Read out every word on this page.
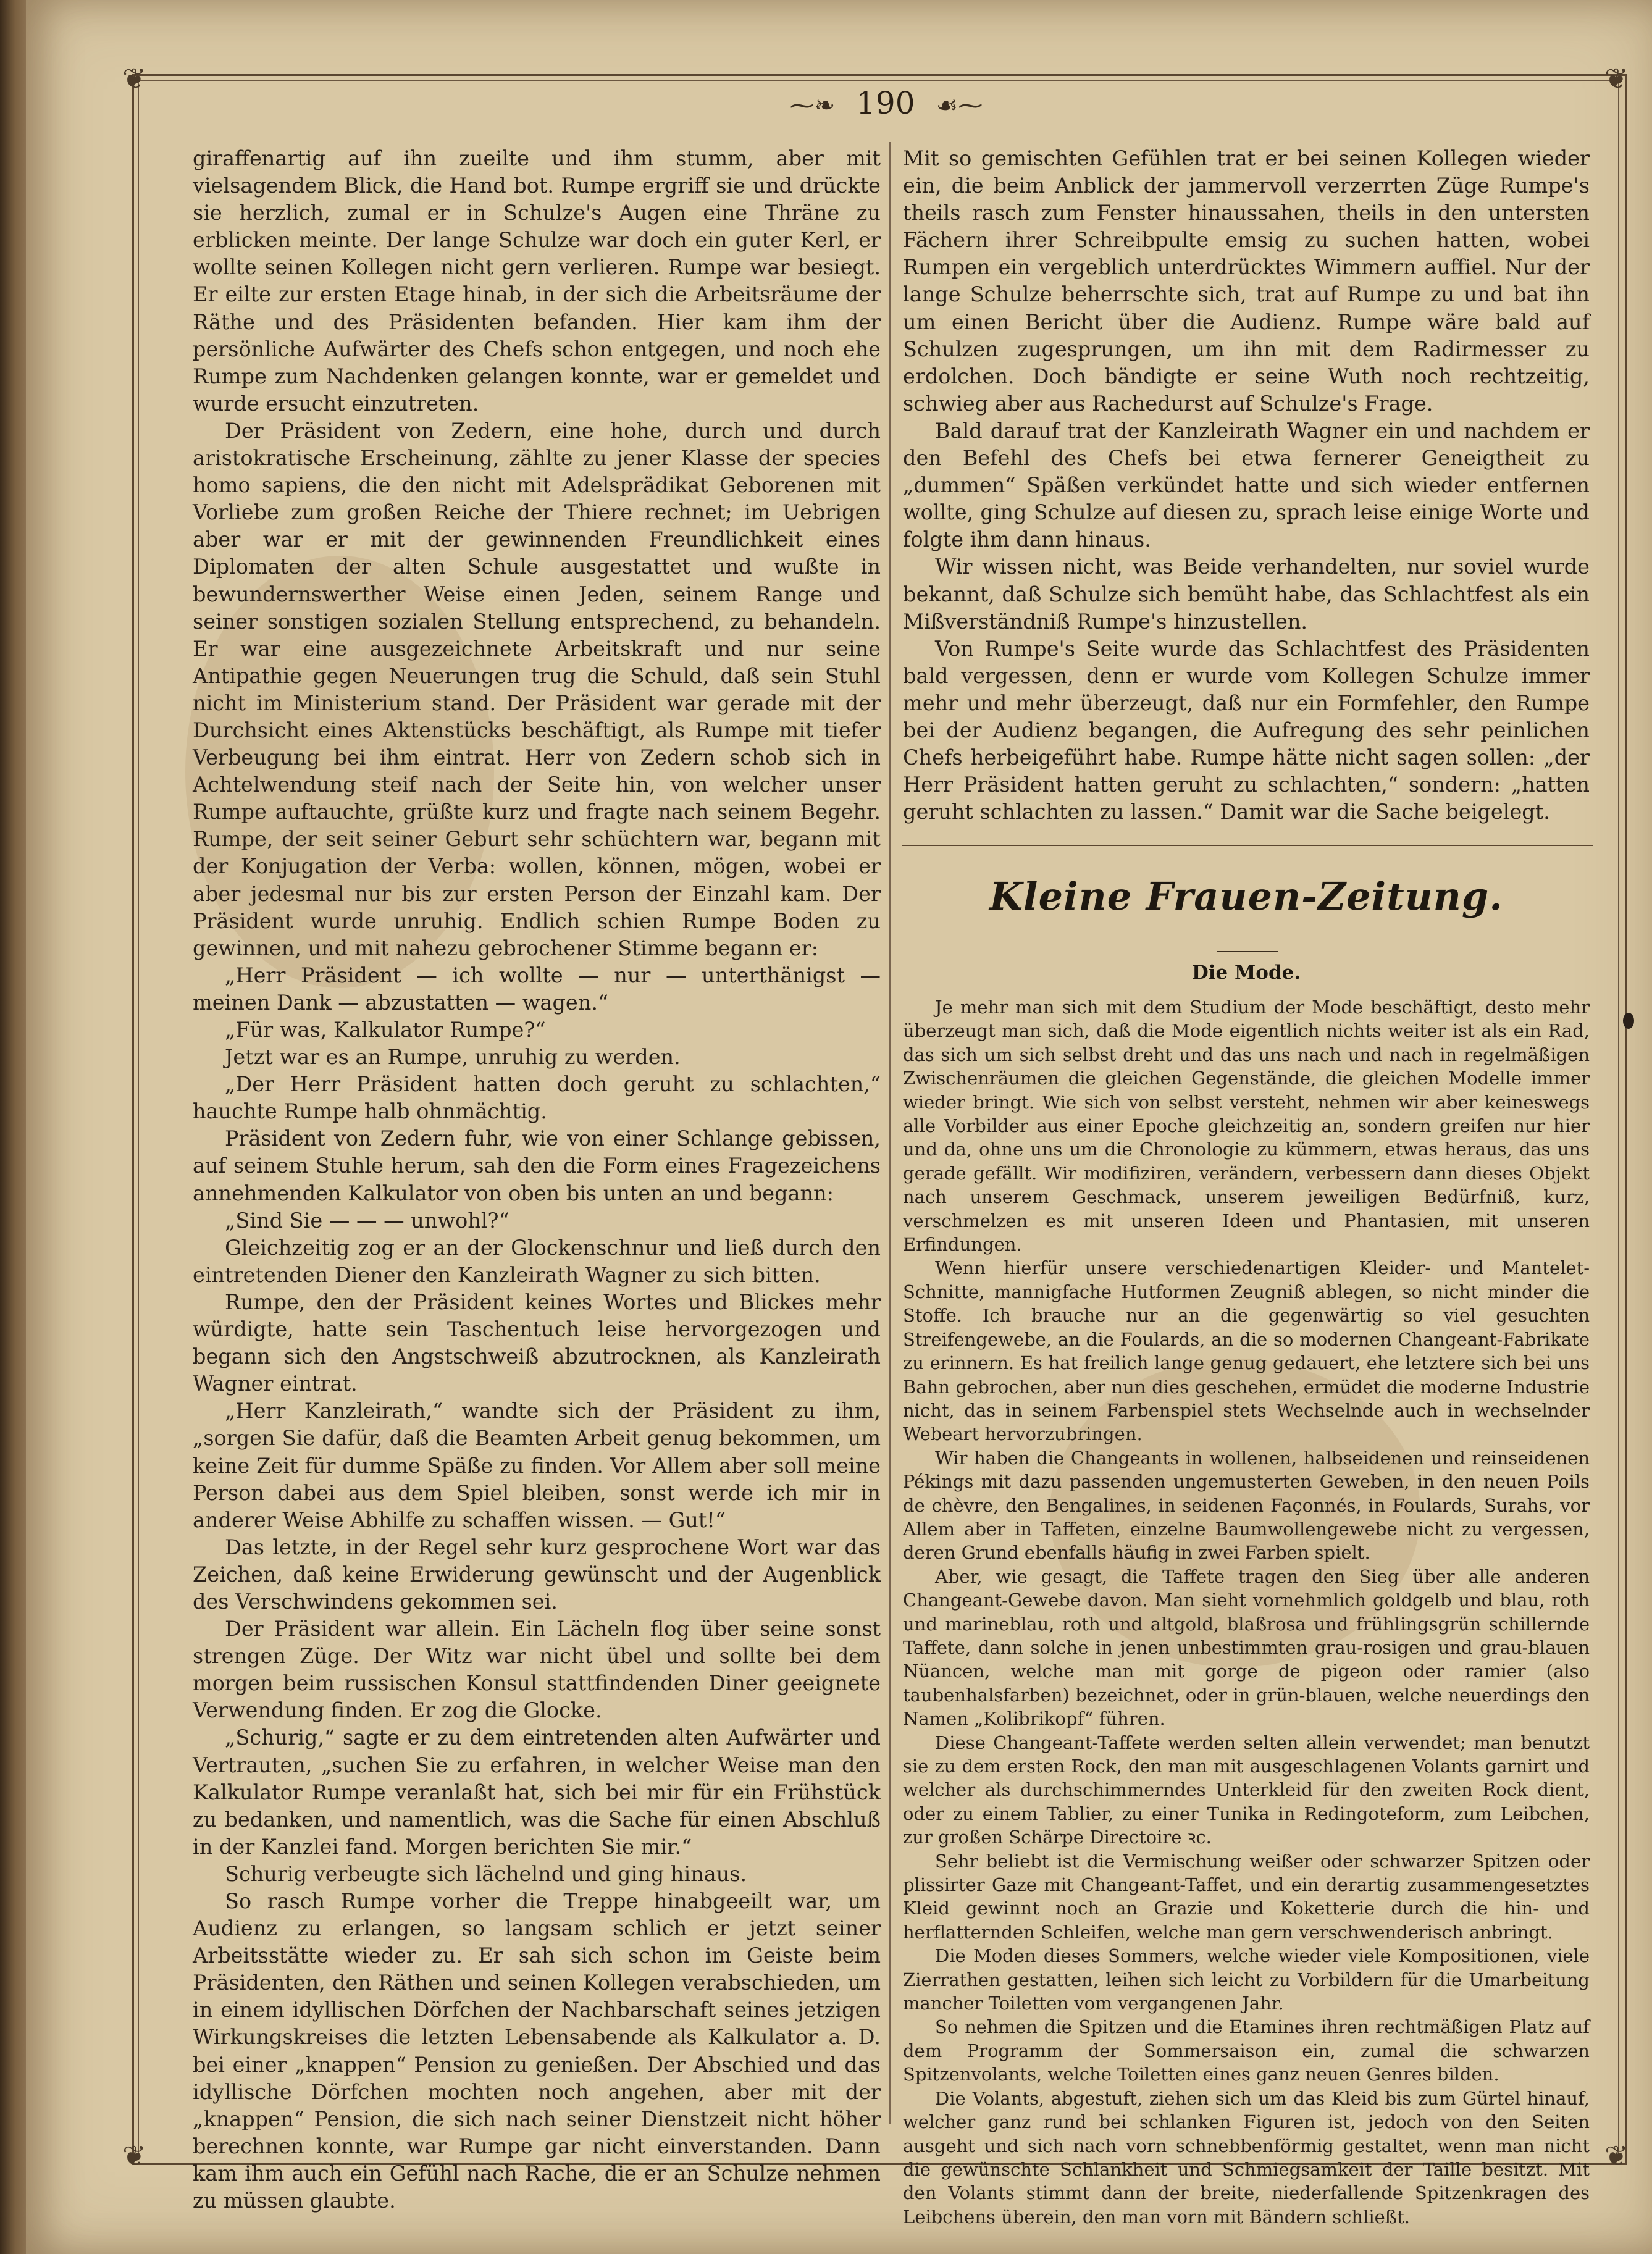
❦	❦
❦	❦
⁓❧ 190 ☙⁓

giraffenartig auf ihn zueilte und ihm stumm, aber mit vielsagendem Blick, die Hand bot. Rumpe ergriff sie und drückte sie herzlich, zumal er in Schulze's Augen eine Thräne zu erblicken meinte. Der lange Schulze war doch ein guter Kerl, er wollte seinen Kollegen nicht gern verlieren. Rumpe war besiegt. Er eilte zur ersten Etage hinab, in der sich die Arbeitsräume der Räthe und des Präsidenten befanden. Hier kam ihm der persönliche Aufwärter des Chefs schon entgegen, und noch ehe Rumpe zum Nachdenken gelangen konnte, war er gemeldet und wurde ersucht einzutreten.

Der Präsident von Zedern, eine hohe, durch und durch aristokratische Erscheinung, zählte zu jener Klasse der species homo sapiens, die den nicht mit Adelsprädikat Geborenen mit Vorliebe zum großen Reiche der Thiere rechnet; im Uebrigen aber war er mit der gewinnenden Freundlichkeit eines Diplomaten der alten Schule ausgestattet und wußte in bewundernswerther Weise einen Jeden, seinem Range und seiner sonstigen sozialen Stellung entsprechend, zu behandeln. Er war eine ausgezeichnete Arbeitskraft und nur seine Antipathie gegen Neuerungen trug die Schuld, daß sein Stuhl nicht im Ministerium stand. Der Präsident war gerade mit der Durchsicht eines Aktenstücks beschäftigt, als Rumpe mit tiefer Verbeugung bei ihm eintrat. Herr von Zedern schob sich in Achtelwendung steif nach der Seite hin, von welcher unser Rumpe auftauchte, grüßte kurz und fragte nach seinem Begehr. Rumpe, der seit seiner Geburt sehr schüchtern war, begann mit der Konjugation der Verba: wollen, können, mögen, wobei er aber jedesmal nur bis zur ersten Person der Einzahl kam. Der Präsident wurde unruhig. Endlich schien Rumpe Boden zu gewinnen, und mit nahezu gebrochener Stimme begann er:

„Herr Präsident — ich wollte — nur — unterthänigst — meinen Dank — abzustatten — wagen.“

„Für was, Kalkulator Rumpe?“

Jetzt war es an Rumpe, unruhig zu werden.

„Der Herr Präsident hatten doch geruht zu schlachten,“ hauchte Rumpe halb ohnmächtig.

Präsident von Zedern fuhr, wie von einer Schlange gebissen, auf seinem Stuhle herum, sah den die Form eines Fragezeichens annehmenden Kalkulator von oben bis unten an und begann:

„Sind Sie — — — unwohl?“

Gleichzeitig zog er an der Glockenschnur und ließ durch den eintretenden Diener den Kanzleirath Wagner zu sich bitten.

Rumpe, den der Präsident keines Wortes und Blickes mehr würdigte, hatte sein Taschentuch leise hervorgezogen und begann sich den Angstschweiß abzutrocknen, als Kanzleirath Wagner eintrat.

„Herr Kanzleirath,“ wandte sich der Präsident zu ihm, „sorgen Sie dafür, daß die Beamten Arbeit genug bekommen, um keine Zeit für dumme Späße zu finden. Vor Allem aber soll meine Person dabei aus dem Spiel bleiben, sonst werde ich mir in anderer Weise Abhilfe zu schaffen wissen. — Gut!“

Das letzte, in der Regel sehr kurz gesprochene Wort war das Zeichen, daß keine Erwiderung gewünscht und der Augenblick des Verschwindens gekommen sei.

Der Präsident war allein. Ein Lächeln flog über seine sonst strengen Züge. Der Witz war nicht übel und sollte bei dem morgen beim russischen Konsul stattfindenden Diner geeignete Verwendung finden. Er zog die Glocke.

„Schurig,“ sagte er zu dem eintretenden alten Aufwärter und Vertrauten, „suchen Sie zu erfahren, in welcher Weise man den Kalkulator Rumpe veranlaßt hat, sich bei mir für ein Frühstück zu bedanken, und namentlich, was die Sache für einen Abschluß in der Kanzlei fand. Morgen berichten Sie mir.“

Schurig verbeugte sich lächelnd und ging hinaus.

So rasch Rumpe vorher die Treppe hinabgeeilt war, um Audienz zu erlangen, so langsam schlich er jetzt seiner Arbeitsstätte wieder zu. Er sah sich schon im Geiste beim Präsidenten, den Räthen und seinen Kollegen verabschieden, um in einem idyllischen Dörfchen der Nachbarschaft seines jetzigen Wirkungskreises die letzten Lebensabende als Kalkulator a. D. bei einer „knappen“ Pension zu genießen. Der Abschied und das idyllische Dörfchen mochten noch angehen, aber mit der „knappen“ Pension, die sich nach seiner Dienstzeit nicht höher berechnen konnte, war Rumpe gar nicht einverstanden. Dann kam ihm auch ein Gefühl nach Rache, die er an Schulze nehmen zu müssen glaubte.

Mit so gemischten Gefühlen trat er bei seinen Kollegen wieder ein, die beim Anblick der jammervoll verzerrten Züge Rumpe's theils rasch zum Fenster hinaussahen, theils in den untersten Fächern ihrer Schreibpulte emsig zu suchen hatten, wobei Rumpen ein vergeblich unterdrücktes Wimmern auffiel. Nur der lange Schulze beherrschte sich, trat auf Rumpe zu und bat ihn um einen Bericht über die Audienz. Rumpe wäre bald auf Schulzen zugesprungen, um ihn mit dem Radirmesser zu erdolchen. Doch bändigte er seine Wuth noch rechtzeitig, schwieg aber aus Rachedurst auf Schulze's Frage.

Bald darauf trat der Kanzleirath Wagner ein und nachdem er den Befehl des Chefs bei etwa fernerer Geneigtheit zu „dummen“ Späßen verkündet hatte und sich wieder entfernen wollte, ging Schulze auf diesen zu, sprach leise einige Worte und folgte ihm dann hinaus.

Wir wissen nicht, was Beide verhandelten, nur soviel wurde bekannt, daß Schulze sich bemüht habe, das Schlachtfest als ein Mißverständniß Rumpe's hinzustellen.

Von Rumpe's Seite wurde das Schlachtfest des Präsidenten bald vergessen, denn er wurde vom Kollegen Schulze immer mehr und mehr überzeugt, daß nur ein Formfehler, den Rumpe bei der Audienz begangen, die Aufregung des sehr peinlichen Chefs herbeigeführt habe. Rumpe hätte nicht sagen sollen: „der Herr Präsident hatten geruht zu schlachten,“ sondern: „hatten geruht schlachten zu lassen.“ Damit war die Sache beigelegt.

Kleine Frauen-Zeitung.
Die Mode.

Je mehr man sich mit dem Studium der Mode beschäftigt, desto mehr überzeugt man sich, daß die Mode eigentlich nichts weiter ist als ein Rad, das sich um sich selbst dreht und das uns nach und nach in regelmäßigen Zwischenräumen die gleichen Gegenstände, die gleichen Modelle immer wieder bringt. Wie sich von selbst versteht, nehmen wir aber keineswegs alle Vorbilder aus einer Epoche gleichzeitig an, sondern greifen nur hier und da, ohne uns um die Chronologie zu kümmern, etwas heraus, das uns gerade gefällt. Wir modifiziren, verändern, verbessern dann dieses Objekt nach unserem Geschmack, unserem jeweiligen Bedürfniß, kurz, verschmelzen es mit unseren Ideen und Phantasien, mit unseren Erfindungen.

Wenn hierfür unsere verschiedenartigen Kleider- und Mantelet-Schnitte, mannigfache Hutformen Zeugniß ablegen, so nicht minder die Stoffe. Ich brauche nur an die gegenwärtig so viel gesuchten Streifengewebe, an die Foulards, an die so modernen Changeant-Fabrikate zu erinnern. Es hat freilich lange genug gedauert, ehe letztere sich bei uns Bahn gebrochen, aber nun dies geschehen, ermüdet die moderne Industrie nicht, das in seinem Farbenspiel stets Wechselnde auch in wechselnder Webeart hervorzubringen.

Wir haben die Changeants in wollenen, halbseidenen und reinseidenen Pékings mit dazu passenden ungemusterten Geweben, in den neuen Poils de chèvre, den Bengalines, in seidenen Façonnés, in Foulards, Surahs, vor Allem aber in Taffeten, einzelne Baumwollengewebe nicht zu vergessen, deren Grund ebenfalls häufig in zwei Farben spielt.

Aber, wie gesagt, die Taffete tragen den Sieg über alle anderen Changeant-Gewebe davon. Man sieht vornehmlich goldgelb und blau, roth und marineblau, roth und altgold, blaßrosa und frühlingsgrün schillernde Taffete, dann solche in jenen unbestimmten grau-rosigen und grau-blauen Nüancen, welche man mit gorge de pigeon oder ramier (also taubenhalsfarben) bezeichnet, oder in grün-blauen, welche neuerdings den Namen „Kolibrikopf“ führen.

Diese Changeant-Taffete werden selten allein verwendet; man benutzt sie zu dem ersten Rock, den man mit ausgeschlagenen Volants garnirt und welcher als durchschimmerndes Unterkleid für den zweiten Rock dient, oder zu einem Tablier, zu einer Tunika in Redingoteform, zum Leibchen, zur großen Schärpe Directoire ꝛc.

Sehr beliebt ist die Vermischung weißer oder schwarzer Spitzen oder plissirter Gaze mit Changeant-Taffet, und ein derartig zusammengesetztes Kleid gewinnt noch an Grazie und Koketterie durch die hin- und herflatternden Schleifen, welche man gern verschwenderisch anbringt.

Die Moden dieses Sommers, welche wieder viele Kompositionen, viele Zierrathen gestatten, leihen sich leicht zu Vorbildern für die Umarbeitung mancher Toiletten vom vergangenen Jahr.

So nehmen die Spitzen und die Etamines ihren rechtmäßigen Platz auf dem Programm der Sommersaison ein, zumal die schwarzen Spitzenvolants, welche Toiletten eines ganz neuen Genres bilden.

Die Volants, abgestuft, ziehen sich um das Kleid bis zum Gürtel hinauf, welcher ganz rund bei schlanken Figuren ist, jedoch von den Seiten ausgeht und sich nach vorn schnebbenförmig gestaltet, wenn man nicht die gewünschte Schlankheit und Schmiegsamkeit der Taille besitzt. Mit den Volants stimmt dann der breite, niederfallende Spitzenkragen des Leibchens überein, den man vorn mit Bändern schließt.
